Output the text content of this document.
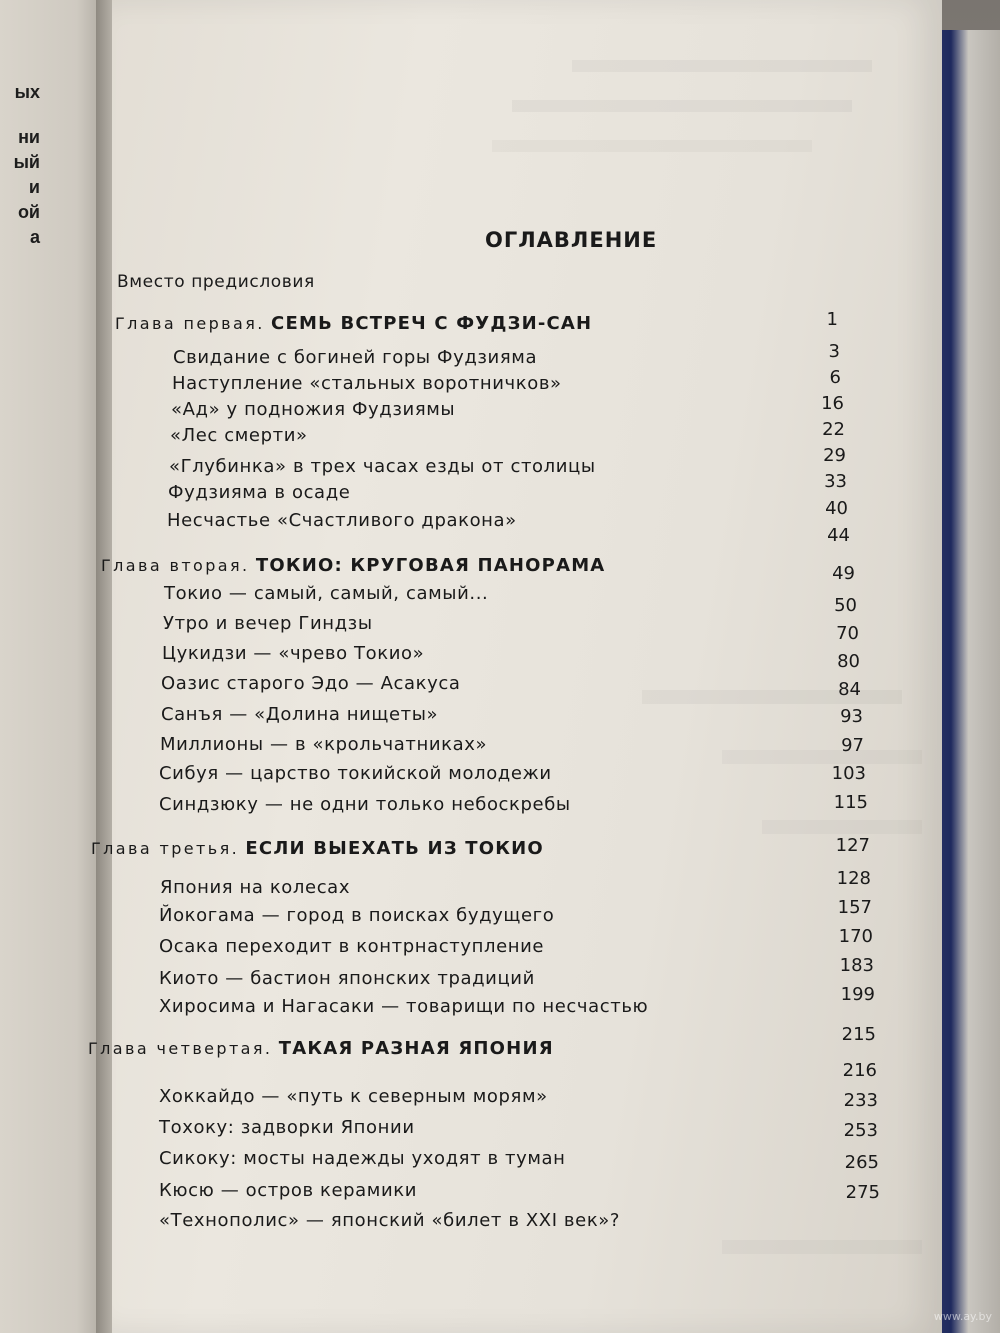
ых
ни
ый
и
ой
а	ОГЛАВЛЕНИЕ
Вместо предисловия
Глава первая. СЕМЬ ВСТРЕЧ С ФУДЗИ-САН
Свидание с богиней горы Фудзияма
Наступление «стальных воротничков»
«Ад» у подножия Фудзиямы
«Лес смерти»
«Глубинка» в трех часах езды от столицы
Фудзияма в осаде
Несчастье «Счастливого дракона»
Глава вторая. ТОКИО: КРУГОВАЯ ПАНОРАМА
Токио — самый, самый, самый...
Утро и вечер Гиндзы
Цукидзи — «чрево Токио»
Оазис старого Эдо — Асакуса
Санъя — «Долина нищеты»
Миллионы — в «крольчатниках»
Сибуя — царство токийской молодежи
Синдзюку — не одни только небоскребы
Глава третья. ЕСЛИ ВЫЕХАТЬ ИЗ ТОКИО
Япония на колесах
Йокогама — город в поисках будущего
Осака переходит в контрнаступление
Киото — бастион японских традиций
Хиросима и Нагасаки — товарищи по несчастью
Глава четвертая. ТАКАЯ РАЗНАЯ ЯПОНИЯ
Хоккайдо — «путь к северным морям»
Тохоку: задворки Японии
Сикоку: мосты надежды уходят в туман
Кюсю — остров керамики
«Технополис» — японский «билет в XXI век»?
1
3
6
16
22
29
33
40
44
49
50
70
80
84
93
97
103
115
127
128
157
170
183
199
215
216
233
253
265
275
www.ay.by
